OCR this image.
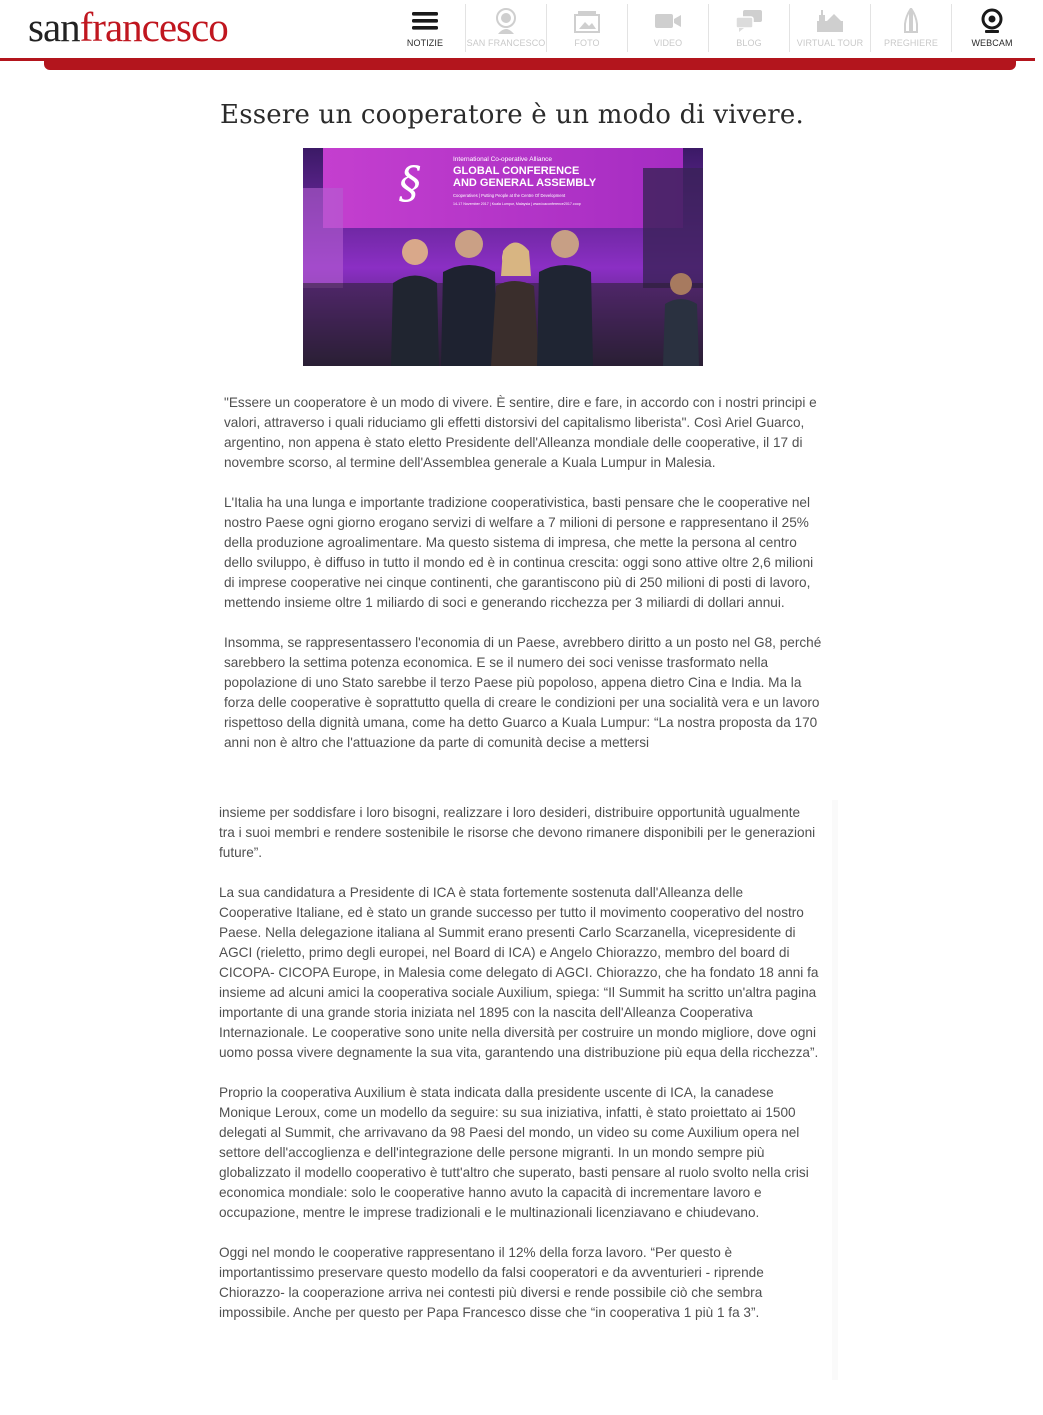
sanfrancesco	NOTIZIE	SAN FRANCESCO	FOTO	VIDEO	BLOG	VIRTUAL TOUR	PREGHIERE	WEBCAM
Essere un cooperatore è un modo di vivere.
§	International Co-operative Alliance
GLOBAL CONFERENCE
AND GENERAL ASSEMBLY
Cooperatives | Putting People at the Centre Of Development
14-17 November 2017 | Kuala Lumpur, Malaysia | www.icaconference2017.coop

"Essere un cooperatore è un modo di vivere. È sentire, dire e fare, in accordo con i nostri principi e valori, attraverso i quali riduciamo gli effetti distorsivi del capitalismo liberista". Così Ariel Guarco, argentino, non appena è stato eletto Presidente dell'Alleanza mondiale delle cooperative, il 17 di novembre scorso, al termine dell'Assemblea generale a Kuala Lumpur in Malesia.

L'Italia ha una lunga e importante tradizione cooperativistica, basti pensare che le cooperative nel nostro Paese ogni giorno erogano servizi di welfare a 7 milioni di persone e rappresentano il 25% della produzione agroalimentare. Ma questo sistema di impresa, che mette la persona al centro dello sviluppo, è diffuso in tutto il mondo ed è in continua crescita: oggi sono attive oltre 2,6 milioni di imprese cooperative nei cinque continenti, che garantiscono più di 250 milioni di posti di lavoro, mettendo insieme oltre 1 miliardo di soci e generando ricchezza per 3 miliardi di dollari annui.

Insomma, se rappresentassero l'economia di un Paese, avrebbero diritto a un posto nel G8, perché sarebbero la settima potenza economica. E se il numero dei soci venisse trasformato nella popolazione di uno Stato sarebbe il terzo Paese più popoloso, appena dietro Cina e India. Ma la forza delle cooperative è soprattutto quella di creare le condizioni per una socialità vera e un lavoro rispettoso della dignità umana, come ha detto Guarco a Kuala Lumpur: “La nostra proposta da 170 anni non è altro che l'attuazione da parte di comunità decise a mettersi

insieme per soddisfare i loro bisogni, realizzare i loro desideri, distribuire opportunità ugualmente tra i suoi membri e rendere sostenibile le risorse che devono rimanere disponibili per le generazioni future”.

La sua candidatura a Presidente di ICA è stata fortemente sostenuta dall'Alleanza delle Cooperative Italiane, ed è stato un grande successo per tutto il movimento cooperativo del nostro Paese. Nella delegazione italiana al Summit erano presenti Carlo Scarzanella, vicepresidente di AGCI (rieletto, primo degli europei, nel Board di ICA) e Angelo Chiorazzo, membro del board di CICOPA- CICOPA Europe, in Malesia come delegato di AGCI. Chiorazzo, che ha fondato 18 anni fa insieme ad alcuni amici la cooperativa sociale Auxilium, spiega: “Il Summit ha scritto un'altra pagina importante di una grande storia iniziata nel 1895 con la nascita dell'Alleanza Cooperativa Internazionale. Le cooperative sono unite nella diversità per costruire un mondo migliore, dove ogni uomo possa vivere degnamente la sua vita, garantendo una distribuzione più equa della ricchezza”.

Proprio la cooperativa Auxilium è stata indicata dalla presidente uscente di ICA, la canadese Monique Leroux, come un modello da seguire: su sua iniziativa, infatti, è stato proiettato ai 1500 delegati al Summit, che arrivavano da 98 Paesi del mondo, un video su come Auxilium opera nel settore dell'accoglienza e dell'integrazione delle persone migranti. In un mondo sempre più globalizzato il modello cooperativo è tutt'altro che superato, basti pensare al ruolo svolto nella crisi economica mondiale: solo le cooperative hanno avuto la capacità di incrementare lavoro e occupazione, mentre le imprese tradizionali e le multinazionali licenziavano e chiudevano.

Oggi nel mondo le cooperative rappresentano il 12% della forza lavoro. “Per questo è importantissimo preservare questo modello da falsi cooperatori e da avventurieri - riprende Chiorazzo- la cooperazione arriva nei contesti più diversi e rende possibile ciò che sembra impossibile. Anche per questo per Papa Francesco disse che “in cooperativa 1 più 1 fa 3”.
